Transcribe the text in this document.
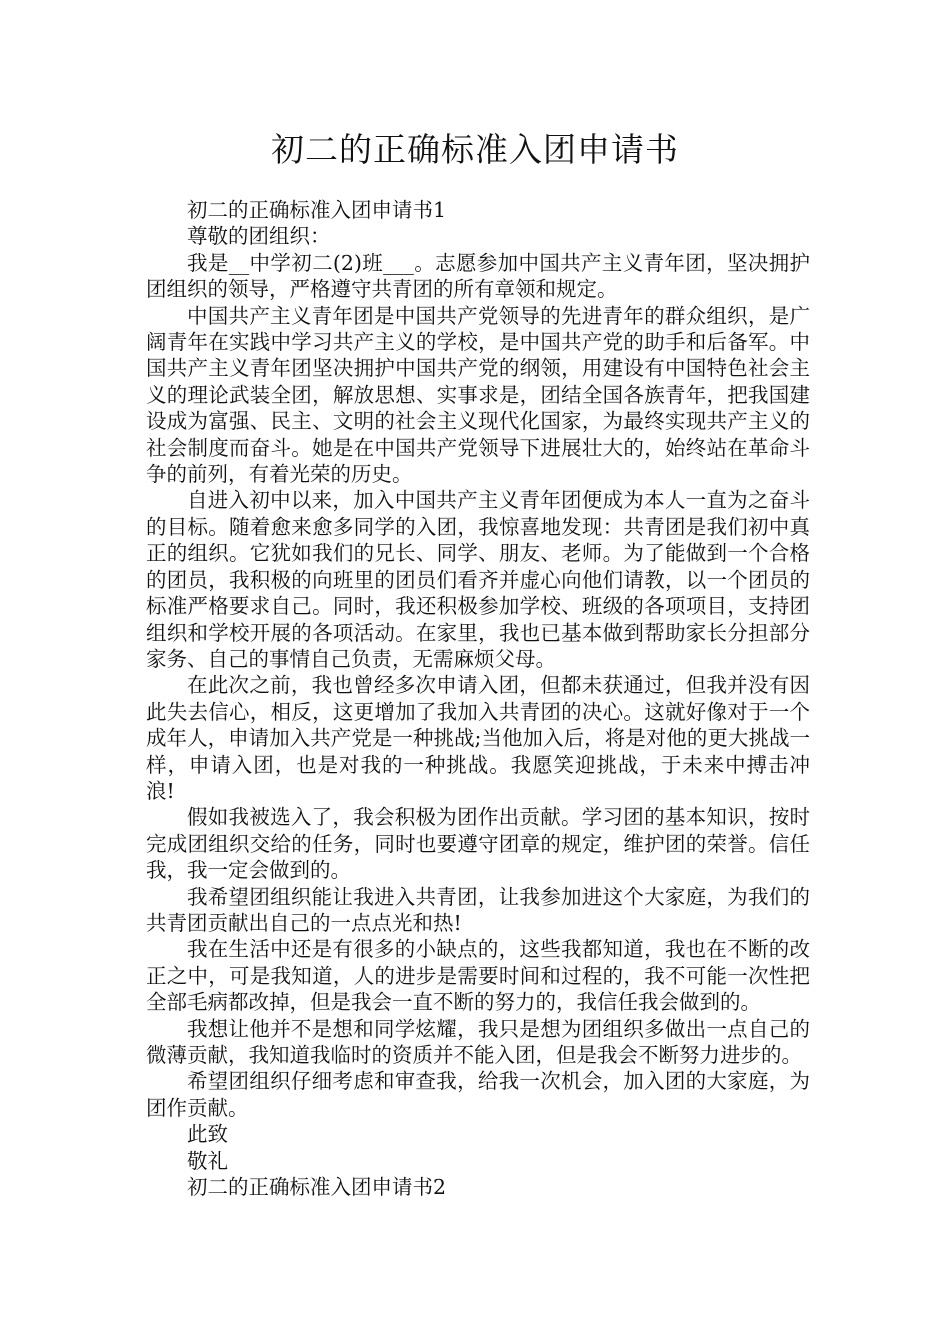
初二的正确标准入团申请书

初二的正确标准入团申请书1

尊敬的团组织：

我是__中学初二(2)班___。志愿参加中国共产主义青年团，坚决拥护团组织的领导，严格遵守共青团的所有章领和规定。

中国共产主义青年团是中国共产党领导的先进青年的群众组织，是广阔青年在实践中学习共产主义的学校，是中国共产党的助手和后备军。中国共产主义青年团坚决拥护中国共产党的纲领，用建设有中国特色社会主义的理论武装全团，解放思想、实事求是，团结全国各族青年，把我国建设成为富强、民主、文明的社会主义现代化国家，为最终实现共产主义的社会制度而奋斗。她是在中国共产党领导下进展壮大的，始终站在革命斗争的前列，有着光荣的历史。

自进入初中以来，加入中国共产主义青年团便成为本人一直为之奋斗的目标。随着愈来愈多同学的入团，我惊喜地发现：共青团是我们初中真正的组织。它犹如我们的兄长、同学、朋友、老师。为了能做到一个合格的团员，我积极的向班里的团员们看齐并虚心向他们请教，以一个团员的标准严格要求自己。同时，我还积极参加学校、班级的各项项目，支持团组织和学校开展的各项活动。在家里，我也已基本做到帮助家长分担部分家务、自己的事情自己负责，无需麻烦父母。

在此次之前，我也曾经多次申请入团，但都未获通过，但我并没有因此失去信心，相反，这更增加了我加入共青团的决心。这就好像对于一个成年人，申请加入共产党是一种挑战;当他加入后，将是对他的更大挑战一样，申请入团，也是对我的一种挑战。我愿笑迎挑战，于未来中搏击冲浪!

假如我被选入了，我会积极为团作出贡献。学习团的基本知识，按时完成团组织交给的任务，同时也要遵守团章的规定，维护团的荣誉。信任我，我一定会做到的。

我希望团组织能让我进入共青团，让我参加进这个大家庭，为我们的共青团贡献出自己的一点点光和热!

我在生活中还是有很多的小缺点的，这些我都知道，我也在不断的改正之中，可是我知道，人的进步是需要时间和过程的，我不可能一次性把全部毛病都改掉，但是我会一直不断的努力的，我信任我会做到的。

我想让他并不是想和同学炫耀，我只是想为团组织多做出一点自己的微薄贡献，我知道我临时的资质并不能入团，但是我会不断努力进步的。

希望团组织仔细考虑和审查我，给我一次机会，加入团的大家庭，为团作贡献。

此致

敬礼

初二的正确标准入团申请书2
